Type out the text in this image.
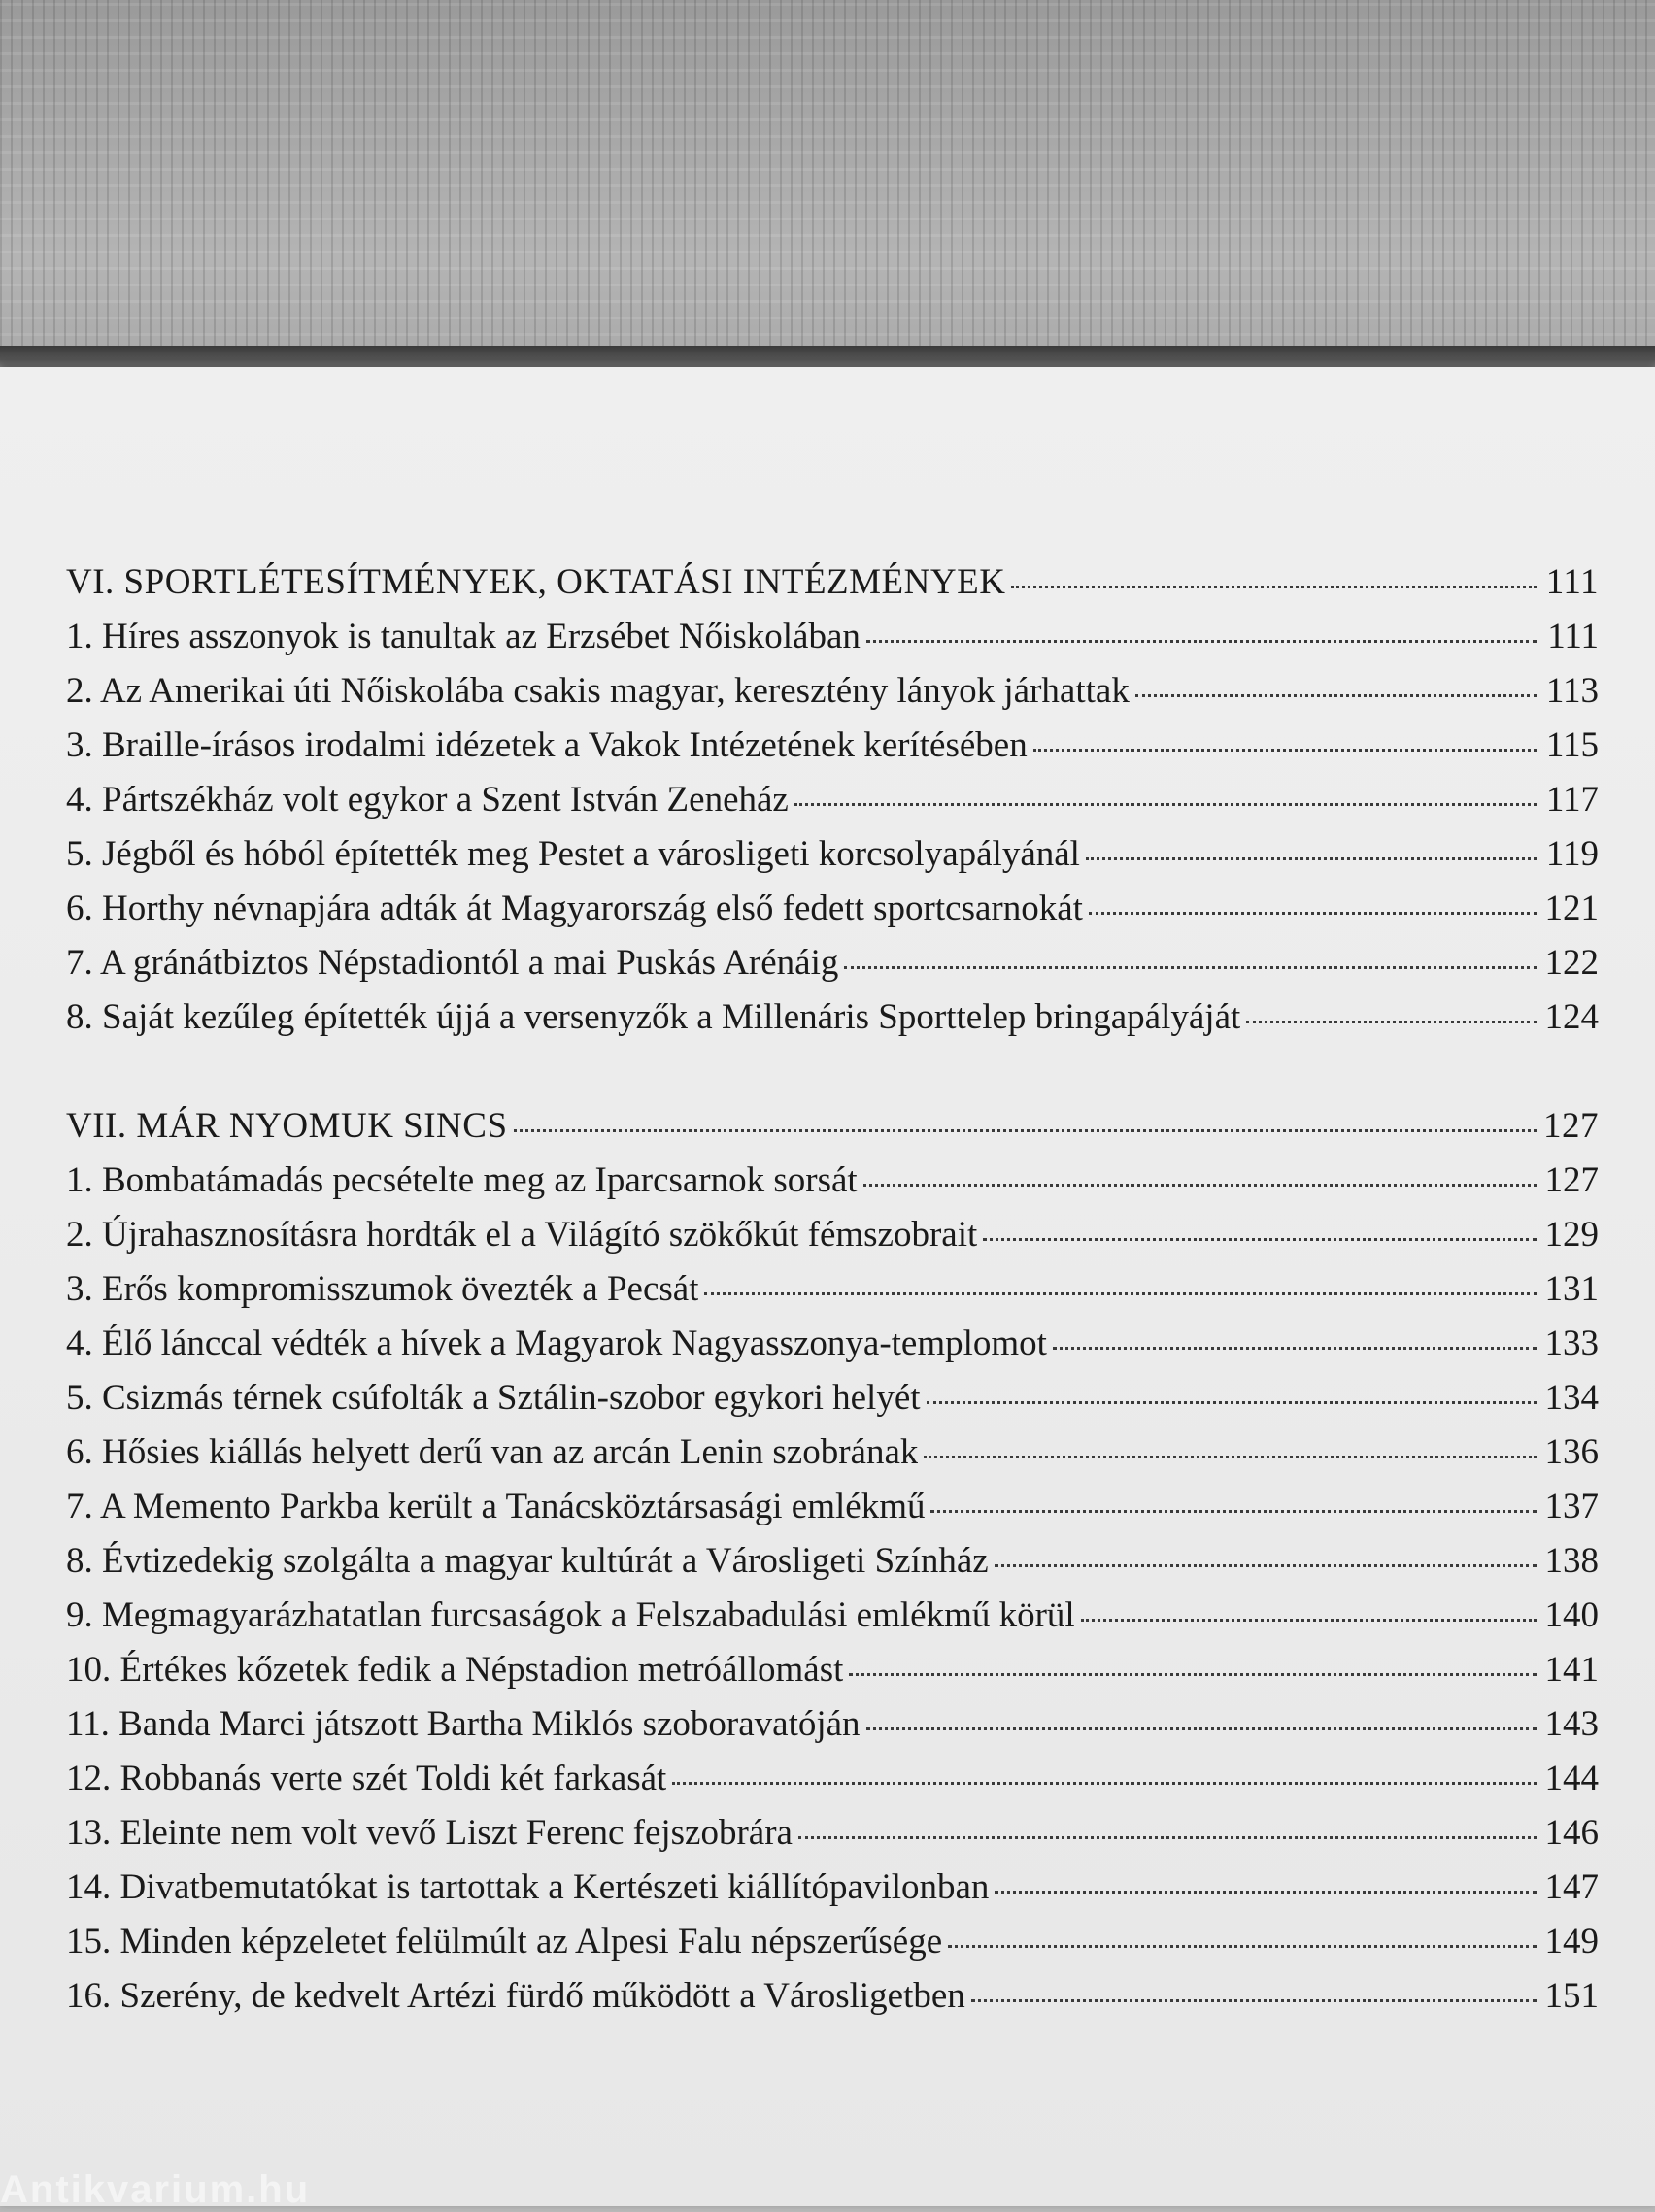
VI. SPORTLÉTESÍTMÉNYEK, OKTATÁSI INTÉZMÉNYEK	111
1. Híres asszonyok is tanultak az Erzsébet Nőiskolában	111
2. Az Amerikai úti Nőiskolába csakis magyar, keresztény lányok járhattak	113
3. Braille-írásos irodalmi idézetek a Vakok Intézetének kerítésében	115
4. Pártszékház volt egykor a Szent István Zeneház	117
5. Jégből és hóból építették meg Pestet a városligeti korcsolyapályánál	119
6. Horthy névnapjára adták át Magyarország első fedett sportcsarnokát	121
7. A gránátbiztos Népstadiontól a mai Puskás Arénáig	122
8. Saját kezűleg építették újjá a versenyzők a Millenáris Sporttelep bringapályáját	124
VII. MÁR NYOMUK SINCS	127
1. Bombatámadás pecsételte meg az Iparcsarnok sorsát	127
2. Újrahasznosításra hordták el a Világító szökőkút fémszobrait	129
3. Erős kompromisszumok övezték a Pecsát	131
4. Élő lánccal védték a hívek a Magyarok Nagyasszonya-templomot	133
5. Csizmás térnek csúfolták a Sztálin-szobor egykori helyét	134
6. Hősies kiállás helyett derű van az arcán Lenin szobrának	136
7. A Memento Parkba került a Tanácsköztársasági emlékmű	137
8. Évtizedekig szolgálta a magyar kultúrát a Városligeti Színház	138
9. Megmagyarázhatatlan furcsaságok a Felszabadulási emlékmű körül	140
10. Értékes kőzetek fedik a Népstadion metróállomást	141
11. Banda Marci játszott Bartha Miklós szoboravatóján	143
12. Robbanás verte szét Toldi két farkasát	144
13. Eleinte nem volt vevő Liszt Ferenc fejszobrára	146
14. Divatbemutatókat is tartottak a Kertészeti kiállítópavilonban	147
15. Minden képzeletet felülmúlt az Alpesi Falu népszerűsége	149
16. Szerény, de kedvelt Artézi fürdő működött a Városligetben	151
Antikvarium.hu
